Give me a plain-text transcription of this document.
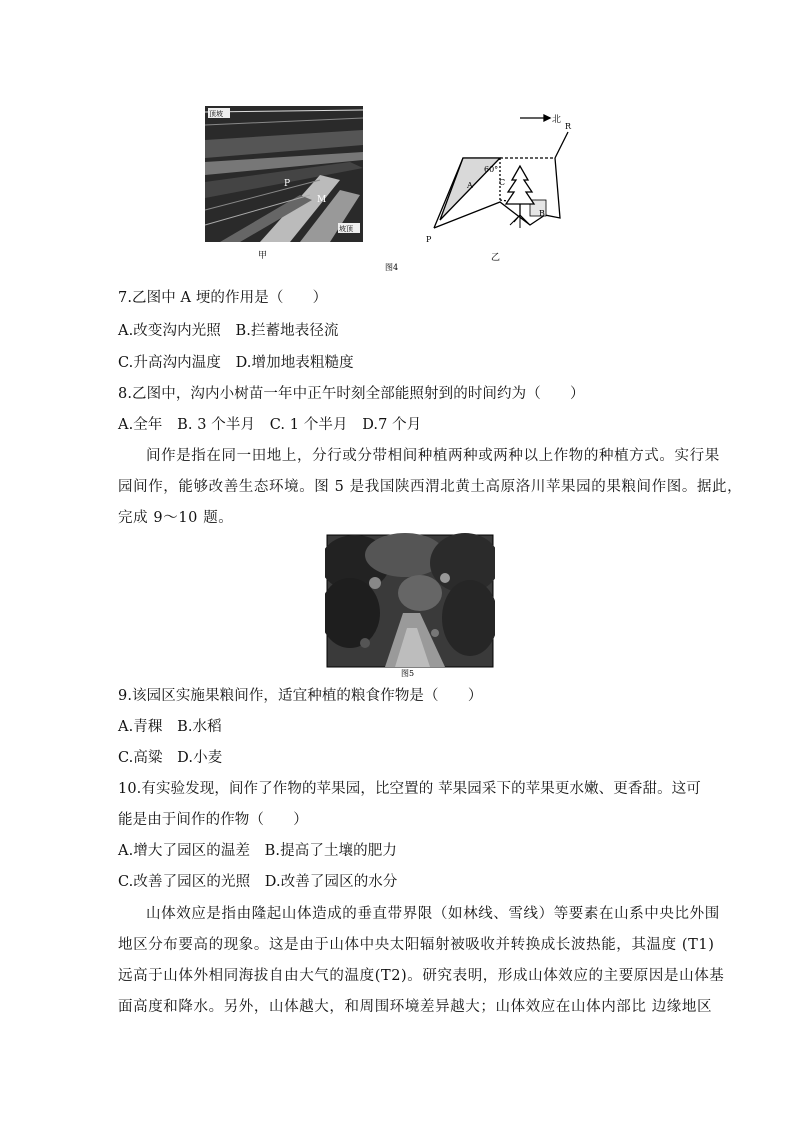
顶坡
P
M
坡顶
甲
北
R
60°
A	C
B
P
乙
图4
7.乙图中 A 埂的作用是（　　）
A.改变沟内光照　B.拦蓄地表径流
C.升高沟内温度　D.增加地表粗糙度
8.乙图中，沟内小树苗一年中正午时刻全部能照射到的时间约为（　　）
A.全年　B. 3 个半月　C. 1 个半月　D.7 个月
间作是指在同一田地上，分行或分带相间种植两种或两种以上作物的种植方式。实行果
园间作，能够改善生态环境。图 5 是我国陕西渭北黄土高原洛川苹果园的果粮间作图。据此，
完成 9～10 题。
图5
9.该园区实施果粮间作，适宜种植的粮食作物是（　　）
A.青稞　B.水稻
C.高粱　D.小麦
10.有实验发现，间作了作物的苹果园，比空置的 苹果园采下的苹果更水嫩、更香甜。这可
能是由于间作的作物（　　）
A.增大了园区的温差　B.提高了土壤的肥力
C.改善了园区的光照　D.改善了园区的水分
山体效应是指由隆起山体造成的垂直带界限（如林线、雪线）等要素在山系中央比外围
地区分布要高的现象。这是由于山体中央太阳辐射被吸收并转换成长波热能，其温度 (T1)
远高于山体外相同海拔自由大气的温度(T2)。研究表明，形成山体效应的主要原因是山体基
面高度和降水。另外，山体越大，和周围环境差异越大；山体效应在山体内部比 边缘地区
